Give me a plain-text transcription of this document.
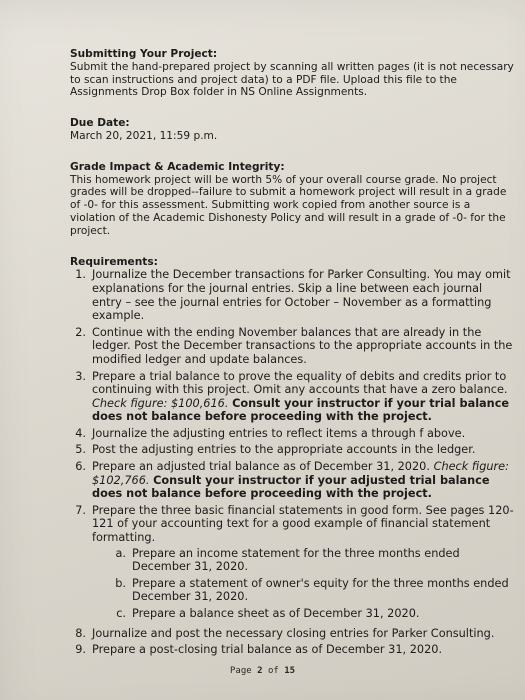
Submitting Your Project:

Submit the hand-prepared project by scanning all written pages (it is not necessary to scan instructions and project data) to a PDF file. Upload this file to the Assignments Drop Box folder in NS Online Assignments.

Due Date:

March 20, 2021, 11:59 p.m.

Grade Impact & Academic Integrity:

This homework project will be worth 5% of your overall course grade. No project grades will be dropped--failure to submit a homework project will result in a grade of -0- for this assessment. Submitting work copied from another source is a violation of the Academic Dishonesty Policy and will result in a grade of -0- for the project.

Requirements:

1. Journalize the December transactions for Parker Consulting. You may omit explanations for the journal entries. Skip a line between each journal entry – see the journal entries for October – November as a formatting example.
2. Continue with the ending November balances that are already in the ledger. Post the December transactions to the appropriate accounts in the modified ledger and update balances.
3. Prepare a trial balance to prove the equality of debits and credits prior to continuing with this project. Omit any accounts that have a zero balance. Check figure: $100,616. Consult your instructor if your trial balance does not balance before proceeding with the project.
4. Journalize the adjusting entries to reflect items a through f above.
5. Post the adjusting entries to the appropriate accounts in the ledger.
6. Prepare an adjusted trial balance as of December 31, 2020. Check figure: $102,766. Consult your instructor if your adjusted trial balance does not balance before proceeding with the project.
7. Prepare the three basic financial statements in good form. See pages 120-121 of your accounting text for a good example of financial statement formatting.
a. Prepare an income statement for the three months ended December 31, 2020.
b. Prepare a statement of owner's equity for the three months ended December 31, 2020.
c. Prepare a balance sheet as of December 31, 2020.
8. Journalize and post the necessary closing entries for Parker Consulting.
9. Prepare a post-closing trial balance as of December 31, 2020.
Page 2 of 15
